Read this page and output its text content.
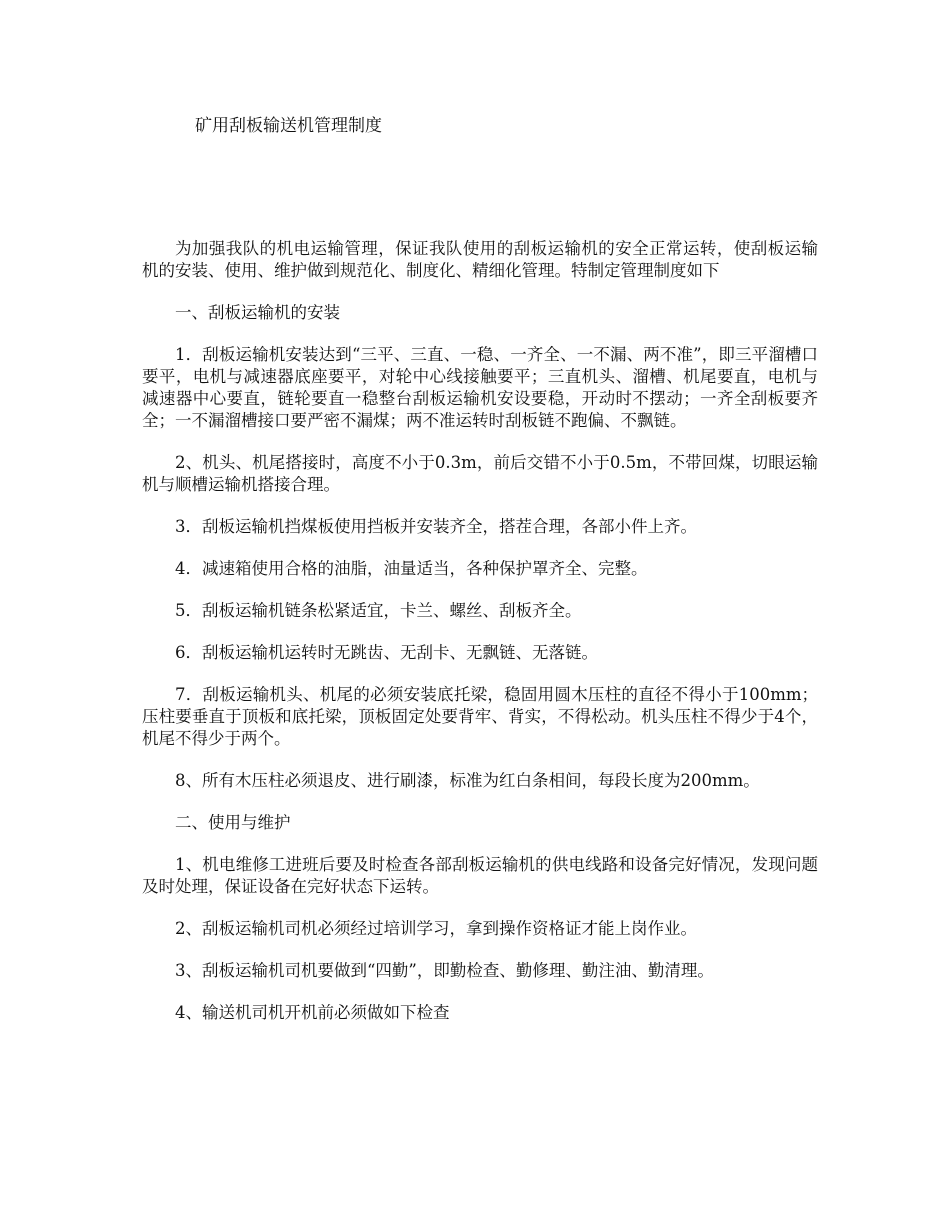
矿用刮板输送机管理制度

为加强我队的机电运输管理，保证我队使用的刮板运输机的安全正常运转，使刮板运输机的安装、使用、维护做到规范化、制度化、精细化管理。特制定管理制度如下

一、刮板运输机的安装

1．刮板运输机安装达到“三平、三直、一稳、一齐全、一不漏、两不准”，即三平溜槽口要平，电机与减速器底座要平，对轮中心线接触要平；三直机头、溜槽、机尾要直，电机与减速器中心要直，链轮要直一稳整台刮板运输机安设要稳，开动时不摆动；一齐全刮板要齐全；一不漏溜槽接口要严密不漏煤；两不准运转时刮板链不跑偏、不飘链。

2、机头、机尾搭接时，高度不小于0.3m，前后交错不小于0.5m，不带回煤，切眼运输机与顺槽运输机搭接合理。

3．刮板运输机挡煤板使用挡板并安装齐全，搭茬合理，各部小件上齐。

4．减速箱使用合格的油脂，油量适当，各种保护罩齐全、完整。

5．刮板运输机链条松紧适宜，卡兰、螺丝、刮板齐全。

6．刮板运输机运转时无跳齿、无刮卡、无飘链、无落链。

7．刮板运输机头、机尾的必须安装底托梁，稳固用圆木压柱的直径不得小于100mm；压柱要垂直于顶板和底托梁，顶板固定处要背牢、背实，不得松动。机头压柱不得少于4个，机尾不得少于两个。

8、所有木压柱必须退皮、进行刷漆，标准为红白条相间，每段长度为200mm。

二、使用与维护

1、机电维修工进班后要及时检查各部刮板运输机的供电线路和设备完好情况，发现问题及时处理，保证设备在完好状态下运转。

2、刮板运输机司机必须经过培训学习，拿到操作资格证才能上岗作业。

3、刮板运输机司机要做到“四勤”，即勤检查、勤修理、勤注油、勤清理。

4、输送机司机开机前必须做如下检查
